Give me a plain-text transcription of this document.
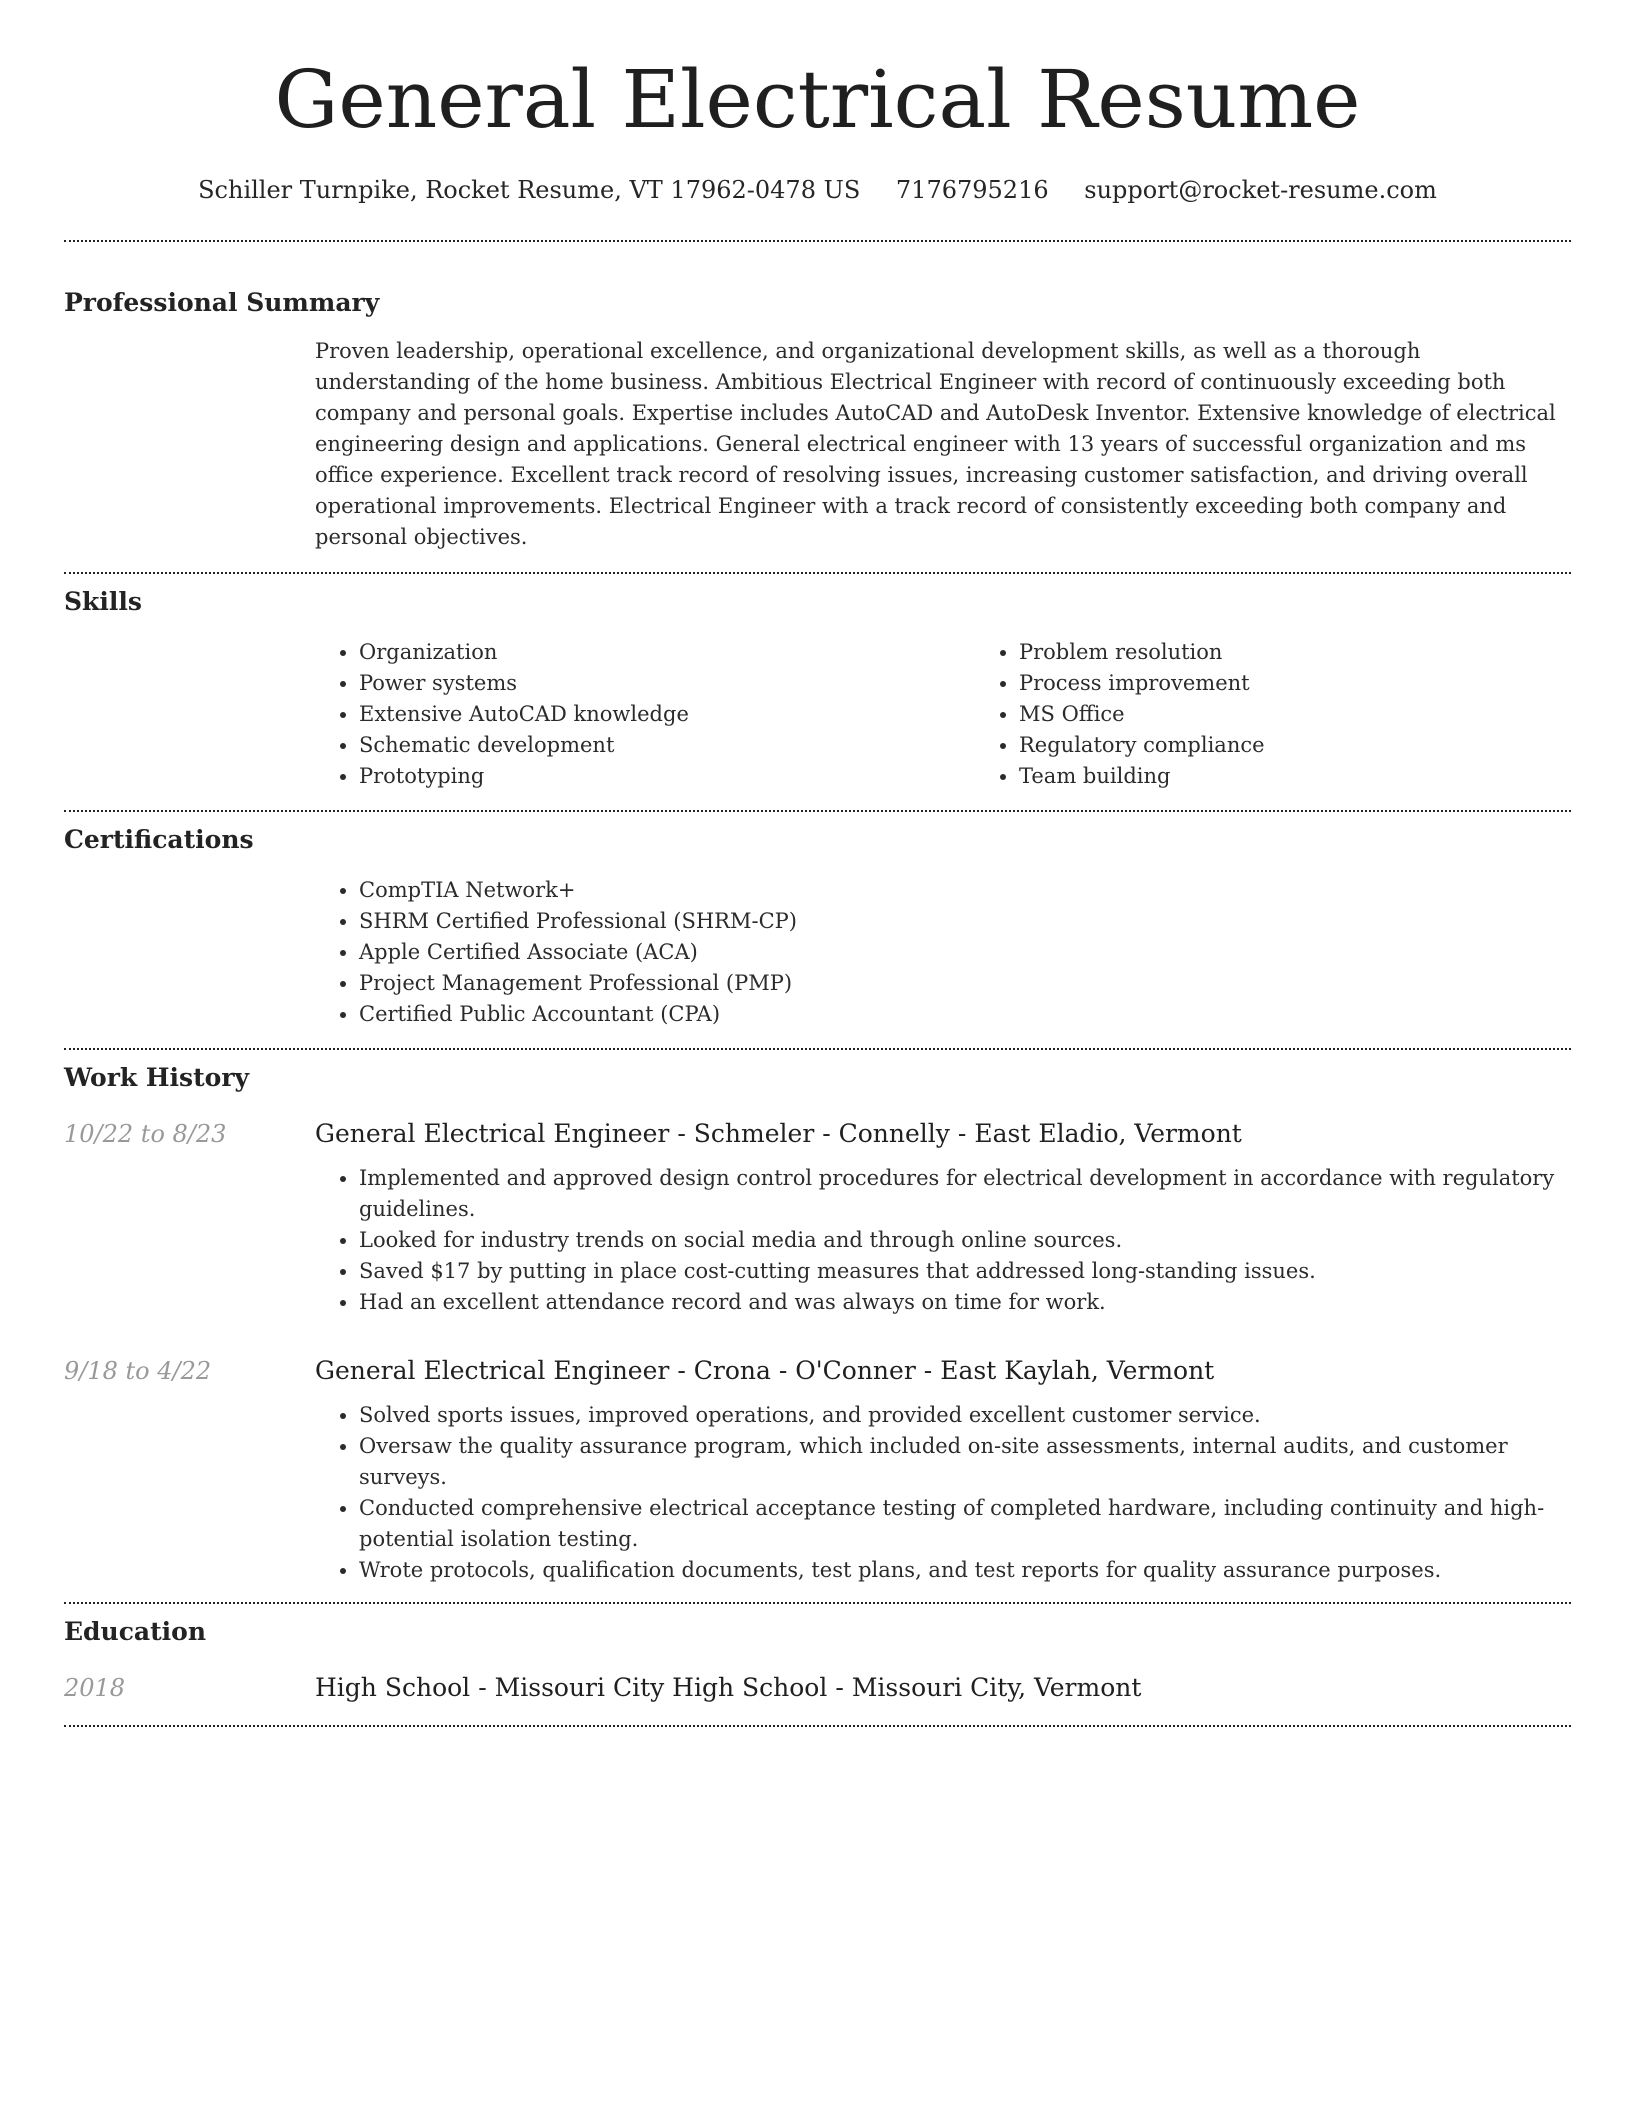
General Electrical Resume
Schiller Turnpike, Rocket Resume, VT 17962-0478 US 7176795216 support@rocket-resume.com
Professional Summary

Proven leadership, operational excellence, and organizational development skills, as well as a thorough understanding of the home business. Ambitious Electrical Engineer with record of continuously exceeding both company and personal goals. Expertise includes AutoCAD and AutoDesk Inventor. Extensive knowledge of electrical engineering design and applications. General electrical engineer with 13 years of successful organization and ms office experience. Excellent track record of resolving issues, increasing customer satisfaction, and driving overall operational improvements. Electrical Engineer with a track record of consistently exceeding both company and personal objectives.

Skills
• Organization
• Power systems
• Extensive AutoCAD knowledge
• Schematic development
• Prototyping
• Problem resolution
• Process improvement
• MS Office
• Regulatory compliance
• Team building
Certifications
• CompTIA Network+
• SHRM Certified Professional (SHRM-CP)
• Apple Certified Associate (ACA)
• Project Management Professional (PMP)
• Certified Public Accountant (CPA)
Work History
10/22 to 8/23	General Electrical Engineer - Schmeler - Connelly - East Eladio, Vermont
• Implemented and approved design control procedures for electrical development in accordance with regulatory guidelines.
• Looked for industry trends on social media and through online sources.
• Saved $17 by putting in place cost-cutting measures that addressed long-standing issues.
• Had an excellent attendance record and was always on time for work.
9/18 to 4/22	General Electrical Engineer - Crona - O'Conner - East Kaylah, Vermont
• Solved sports issues, improved operations, and provided excellent customer service.
• Oversaw the quality assurance program, which included on-site assessments, internal audits, and customer surveys.
• Conducted comprehensive electrical acceptance testing of completed hardware, including continuity and high-potential isolation testing.
• Wrote protocols, qualification documents, test plans, and test reports for quality assurance purposes.
Education
2018	High School - Missouri City High School - Missouri City, Vermont
